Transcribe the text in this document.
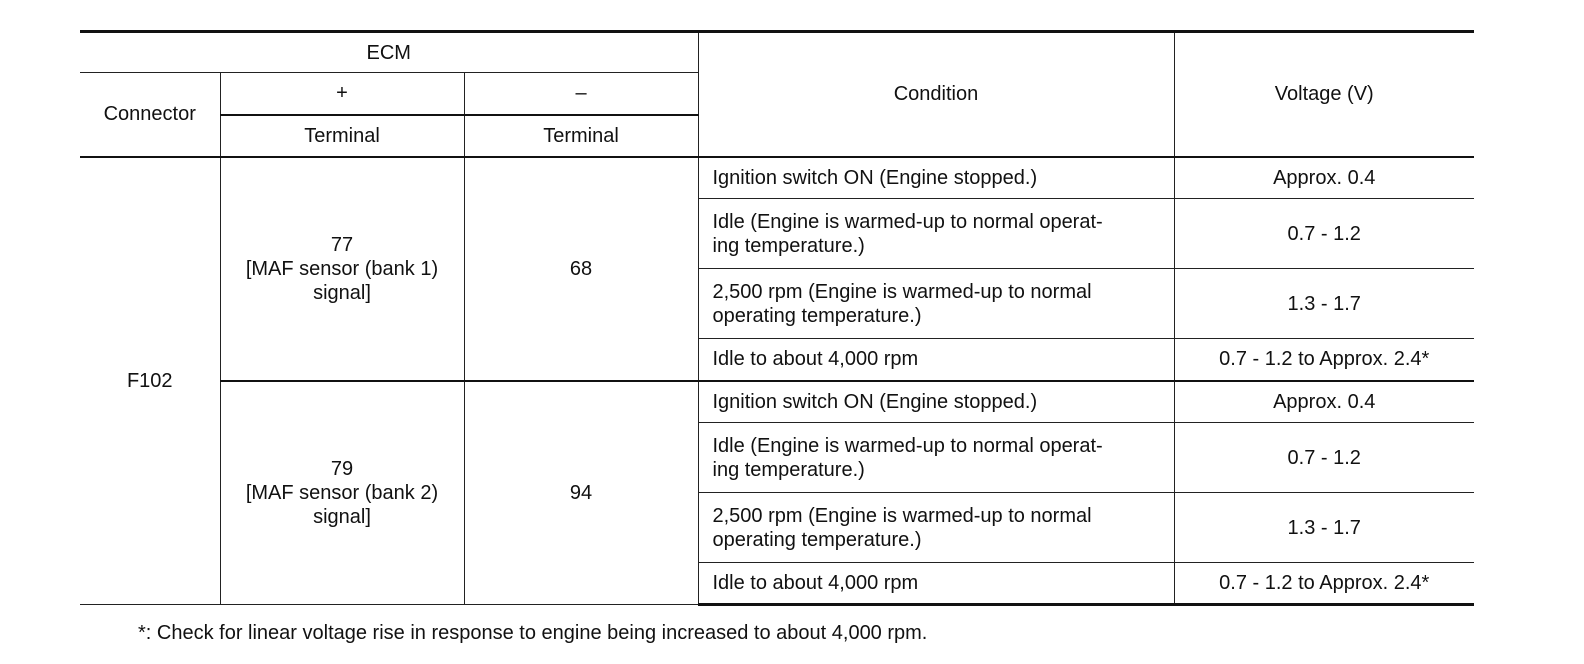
ECM			Condition	Voltage (V)
Connector	+	–		
	Terminal	Terminal		
F102	77
[MAF sensor (bank 1)
signal]	68	Ignition switch ON (Engine stopped.)	Approx. 0.4

			Idle (Engine is warmed-up to normal operat-
ing temperature.)	0.7 - 1.2

			2,500 rpm (Engine is warmed-up to normal
operating temperature.)	1.3 - 1.7

			Idle to about 4,000 rpm	0.7 - 1.2 to Approx. 2.4*

	79
[MAF sensor (bank 2)
signal]	94	Ignition switch ON (Engine stopped.)	Approx. 0.4

			Idle (Engine is warmed-up to normal operat-
ing temperature.)	0.7 - 1.2

			2,500 rpm (Engine is warmed-up to normal
operating temperature.)	1.3 - 1.7

			Idle to about 4,000 rpm	0.7 - 1.2 to Approx. 2.4*
*: Check for linear voltage rise in response to engine being increased to about 4,000 rpm.
